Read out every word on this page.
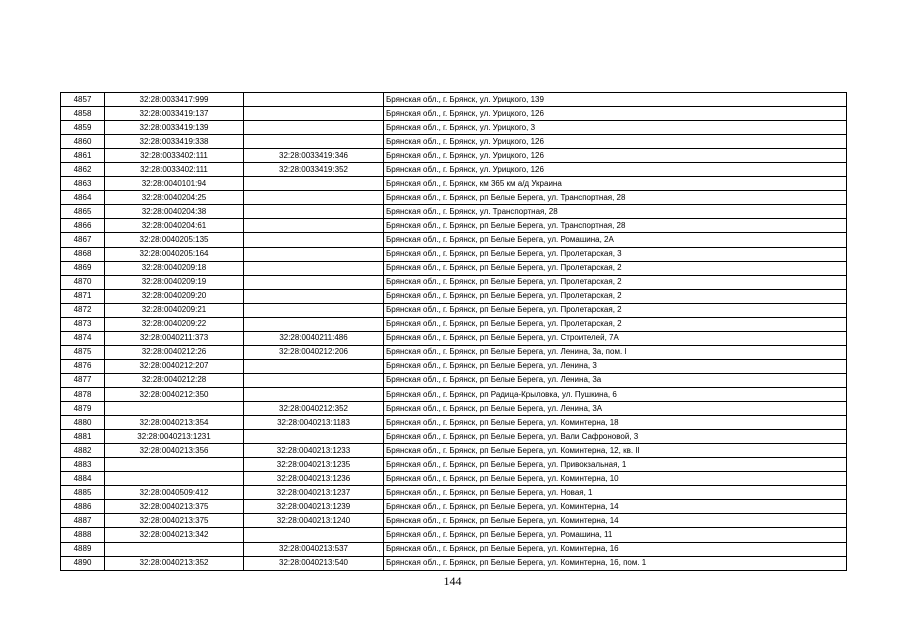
4857	32:28:0033417:999		Брянская обл., г. Брянск, ул. Урицкого, 139
4858	32:28:0033419:137		Брянская обл., г. Брянск, ул. Урицкого, 126
4859	32:28:0033419:139		Брянская обл., г. Брянск, ул. Урицкого, 3
4860	32:28:0033419:338		Брянская обл., г. Брянск, ул. Урицкого, 126
4861	32:28:0033402:111	32:28:0033419:346	Брянская обл., г. Брянск, ул. Урицкого, 126
4862	32:28:0033402:111	32:28:0033419:352	Брянская обл., г. Брянск, ул. Урицкого, 126
4863	32:28:0040101:94		Брянская обл., г. Брянск, км 365 км а/д Украина
4864	32:28:0040204:25		Брянская обл., г. Брянск, рп Белые Берега, ул. Транспортная, 28
4865	32:28:0040204:38		Брянская обл., г. Брянск, ул. Транспортная, 28
4866	32:28:0040204:61		Брянская обл., г. Брянск, рп Белые Берега, ул. Транспортная, 28
4867	32:28:0040205:135		Брянская обл., г. Брянск, рп Белые Берега, ул. Ромашина, 2А
4868	32:28:0040205:164		Брянская обл., г. Брянск, рп Белые Берега, ул. Пролетарская, 3
4869	32:28:0040209:18		Брянская обл., г. Брянск, рп Белые Берега, ул. Пролетарская, 2
4870	32:28:0040209:19		Брянская обл., г. Брянск, рп Белые Берега, ул. Пролетарская, 2
4871	32:28:0040209:20		Брянская обл., г. Брянск, рп Белые Берега, ул. Пролетарская, 2
4872	32:28:0040209:21		Брянская обл., г. Брянск, рп Белые Берега, ул. Пролетарская, 2
4873	32:28:0040209:22		Брянская обл., г. Брянск, рп Белые Берега, ул. Пролетарская, 2
4874	32:28:0040211:373	32:28:0040211:486	Брянская обл., г. Брянск, рп Белые Берега, ул. Строителей, 7А
4875	32:28:0040212:26	32:28:0040212:206	Брянская обл., г. Брянск, рп Белые Берега, ул. Ленина, 3а, пом. I
4876	32:28:0040212:207		Брянская обл., г. Брянск, рп Белые Берега, ул. Ленина, 3
4877	32:28:0040212:28		Брянская обл., г. Брянск, рп Белые Берега, ул. Ленина, 3а
4878	32:28:0040212:350		Брянская обл., г. Брянск, рп Радица-Крыловка, ул. Пушкина, 6
4879		32:28:0040212:352	Брянская обл., г. Брянск, рп Белые Берега, ул. Ленина, 3А
4880	32:28:0040213:354	32:28:0040213:1183	Брянская обл., г. Брянск, рп Белые Берега, ул. Коминтерна, 18
4881	32:28:0040213:1231		Брянская обл., г. Брянск, рп Белые Берега, ул. Вали Сафроновой, 3
4882	32:28:0040213:356	32:28:0040213:1233	Брянская обл., г. Брянск, рп Белые Берега, ул. Коминтерна, 12, кв. II
4883		32:28:0040213:1235	Брянская обл., г. Брянск, рп Белые Берега, ул. Привокзальная, 1
4884		32:28:0040213:1236	Брянская обл., г. Брянск, рп Белые Берега, ул. Коминтерна, 10
4885	32:28:0040509:412	32:28:0040213:1237	Брянская обл., г. Брянск, рп Белые Берега, ул. Новая, 1
4886	32:28:0040213:375	32:28:0040213:1239	Брянская обл., г. Брянск, рп Белые Берега, ул. Коминтерна, 14
4887	32:28:0040213:375	32:28:0040213:1240	Брянская обл., г. Брянск, рп Белые Берега, ул. Коминтерна, 14
4888	32:28:0040213:342		Брянская обл., г. Брянск, рп Белые Берега, ул. Ромашина, 11
4889		32:28:0040213:537	Брянская обл., г. Брянск, рп Белые Берега, ул. Коминтерна, 16
4890	32:28:0040213:352	32:28:0040213:540	Брянская обл., г. Брянск, рп Белые Берега, ул. Коминтерна, 16, пом. 1
144
